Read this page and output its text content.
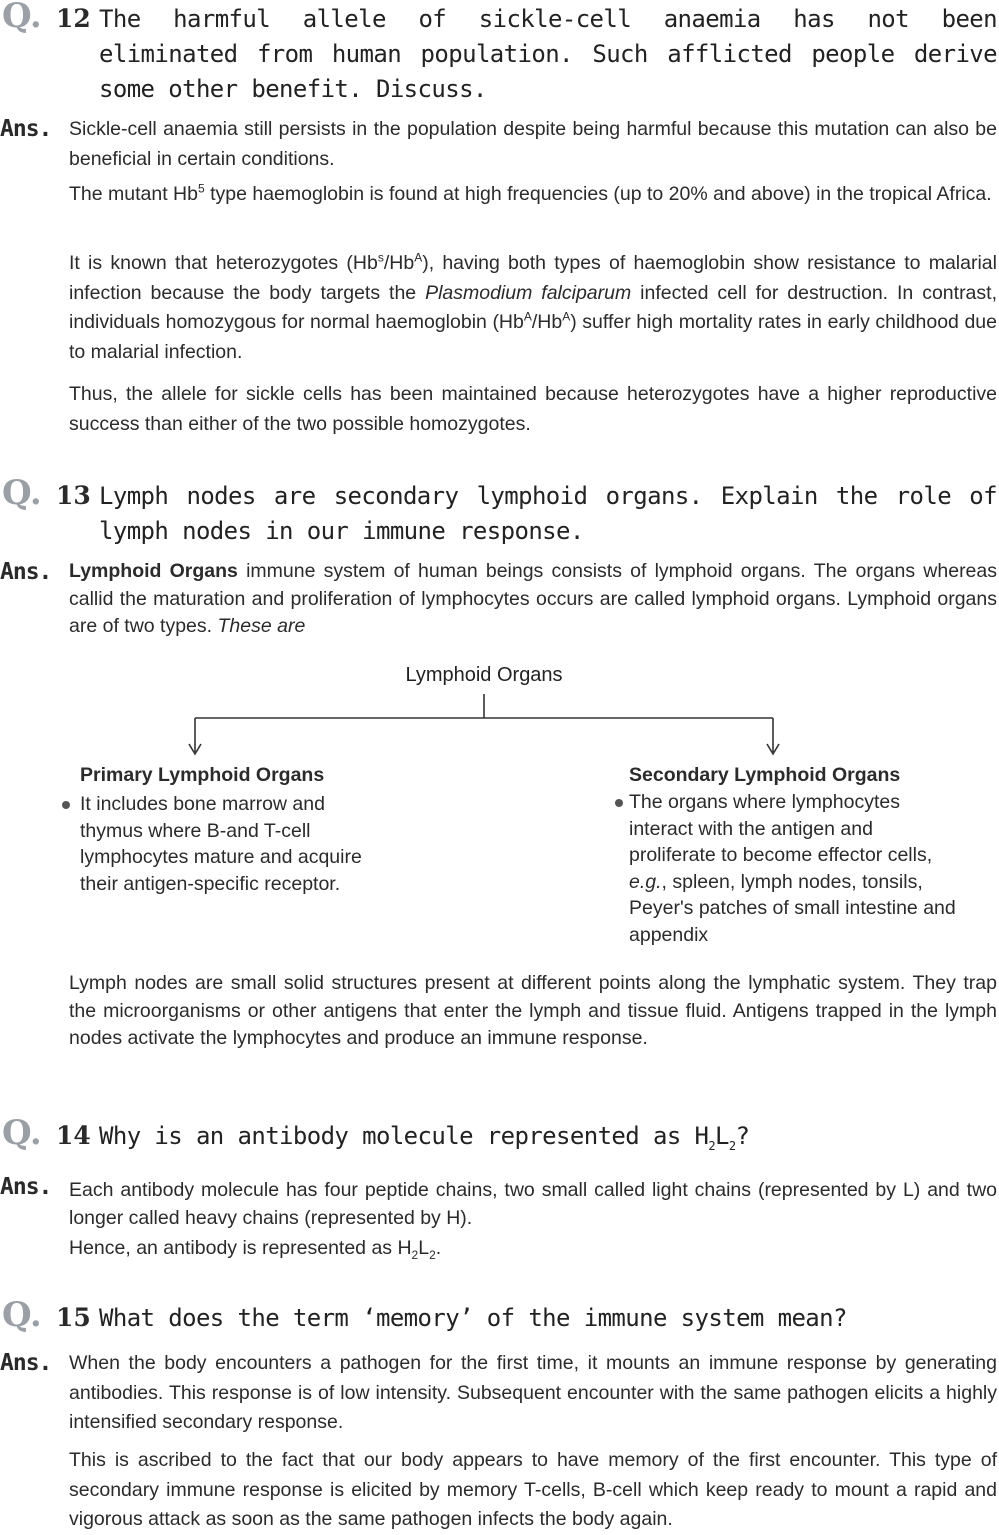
Q. 12 The harmful allele of sickle-cell anaemia has not been eliminated from human population. Such afflicted people derive some other benefit. Discuss.
Ans. Sickle-cell anaemia still persists in the population despite being harmful because this mutation can also be beneficial in certain conditions.
The mutant Hb$^5$ type haemoglobin is found at high frequencies (up to 20% and above) in the tropical Africa.
It is known that heterozygotes $(Hb^s/Hb^A)$, having both types of haemoglobin show resistance to malarial infection because the body targets the Plasmodium falciparum infected cell for destruction. In contrast, individuals homozygous for normal haemoglobin $(Hb^A/Hb^A)$ suffer high mortality rates in early childhood due to malarial infection.
Thus, the allele for sickle cells has been maintained because heterozygotes have a higher reproductive success than either of the two possible homozygotes.
Q. 13 Lymph nodes are secondary lymphoid organs. Explain the role of lymph nodes in our immune response.
Ans. Lymphoid Organs immune system of human beings consists of lymphoid organs. The organs whereas callid the maturation and proliferation of lymphocytes occurs are called lymphoid organs. Lymphoid organs are of two types. These are
Lymphoid Organs
Primary Lymphoid Organs
It includes bone marrow and thymus where B-and T-cell lymphocytes mature and acquire their antigen-specific receptor.
Secondary Lymphoid Organs
The organs where lymphocytes interact with the antigen and proliferate to become effector cells, e.g., spleen, lymph nodes, tonsils, Peyer's patches of small intestine and appendix
Lymph nodes are small solid structures present at different points along the lymphatic system. They trap the microorganisms or other antigens that enter the lymph and tissue fluid. Antigens trapped in the lymph nodes activate the lymphocytes and produce an immune response.
Q. 14 Why is an antibody molecule represented as $H_2L_2$?
Ans. Each antibody molecule has four peptide chains, two small called light chains (represented by L) and two longer called heavy chains (represented by H).
Hence, an antibody is represented as $H_2L_2$.
Q. 15 What does the term ‘memory’ of the immune system mean?
Ans. When the body encounters a pathogen for the first time, it mounts an immune response by generating antibodies. This response is of low intensity. Subsequent encounter with the same pathogen elicits a highly intensified secondary response.
This is ascribed to the fact that our body appears to have memory of the first encounter. This type of secondary immune response is elicited by memory T-cells, B-cell which keep ready to mount a rapid and vigorous attack as soon as the same pathogen infects the body again.
